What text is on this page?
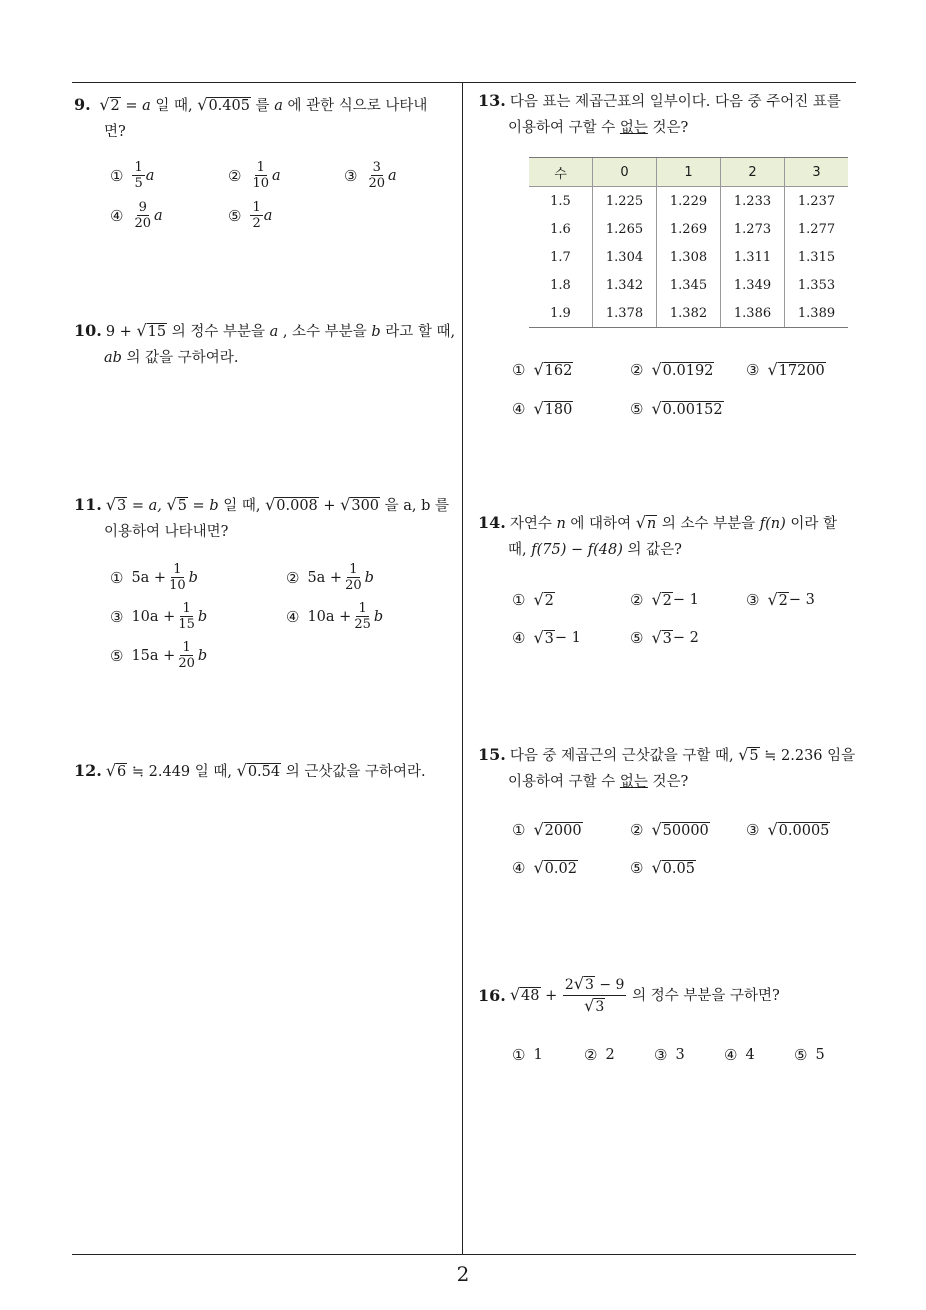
2
9. √2 = a 일 때, √0.405 를 a 에 관한 식으로 나타내
면?
① $\frac{1}{5}$ a	② $\frac{1}{10}$ a	③ $\frac{3}{20}$ a
④ $\frac{9}{20}$ a	⑤ $\frac{1}{2}$ a
10. 9 + √15 의 정수 부분을 a , 소수 부분을 b 라고 할 때,
ab 의 값을 구하여라.
11. √3 = a, √5 = b 일 때, √0.008 + √300 을 a, b 를
이용하여 나타내면?
① $5a + \frac{1}{10}$ b	② $5a + \frac{1}{20}$ b
③ $10a + \frac{1}{15}$ b	④ $10a + \frac{1}{25}$ b
⑤ $15a + \frac{1}{20}$ b
12. √6 ≒ 2.449 일 때, √0.54 의 근삿값을 구하여라.
13. 다음 표는 제곱근표의 일부이다. 다음 중 주어진 표를
이용하여 구할 수 없는 것은?
수	0	1	2	3
1.5	1.225	1.229	1.233	1.237
1.6	1.265	1.269	1.273	1.277
1.7	1.304	1.308	1.311	1.315
1.8	1.342	1.345	1.349	1.353
1.9	1.378	1.382	1.386	1.389
① √162	② √0.0192 ③ √17200
④ √180	⑤ √0.00152
14. 자연수 n 에 대하여 √n 의 소수 부분을 f(n) 이라 할
때, f(75) − f(48) 의 값은?
① √2	② √2 − 1	③ √2 − 3
④ √3 − 1	⑤ √3 − 2
15. 다음 중 제곱근의 근삿값을 구할 때, √5 ≒ 2.236 임을
이용하여 구할 수 없는 것은?
① √2000	② √50000 ③ √0.0005
④ √0.02	⑤ √0.05
16. $√48 + \frac{2√3 - 9}{√3}$ 의 정수 부분을 구하면?
① 1	② 2	③ 3	④ 4	⑤ 5
